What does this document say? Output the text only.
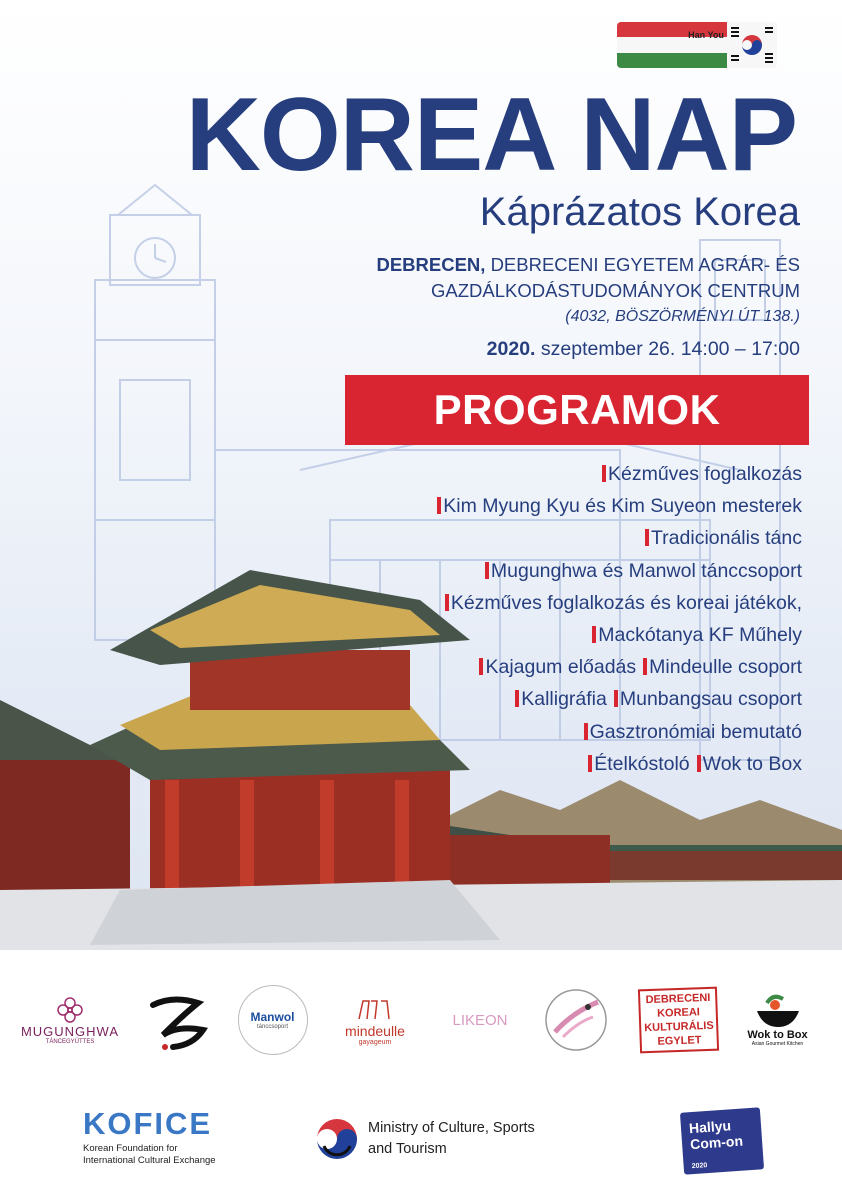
Han You
KOREA NAP
Káprázatos Korea
DEBRECEN, DEBRECENI EGYETEM AGRÁR- ÉS
GAZDÁLKODÁSTUDOMÁNYOK CENTRUM
(4032, BÖSZÖRMÉNYI ÚT 138.)
2020. szeptember 26. 14:00 – 17:00
PROGRAMOK
Kézműves foglalkozás
Kim Myung Kyu és Kim Suyeon mesterek
Tradicionális tánc
Mugunghwa és Manwol tánccsoport
Kézműves foglalkozás és koreai játékok,
Mackótanya KF Műhely
Kajagum előadás Mindeulle csoport
Kalligráfia Munbangsau csoport
Gasztronómiai bemutató
Ételkóstoló Wok to Box
MUGUNGHWA
TÁNCEGYÜTTES
Manwol
tánccsoport	mindeulle
gayageum
LIKEON
DEBRECENI
KOREAI
KULTURÁLIS
EGYLET	Wok to Box
Asian Gourmet Kitchen
KOFICE
Korean Foundation for
International Cultural Exchange
Ministry of Culture, Sports
and Tourism
Hallyu
Com-on
2020
